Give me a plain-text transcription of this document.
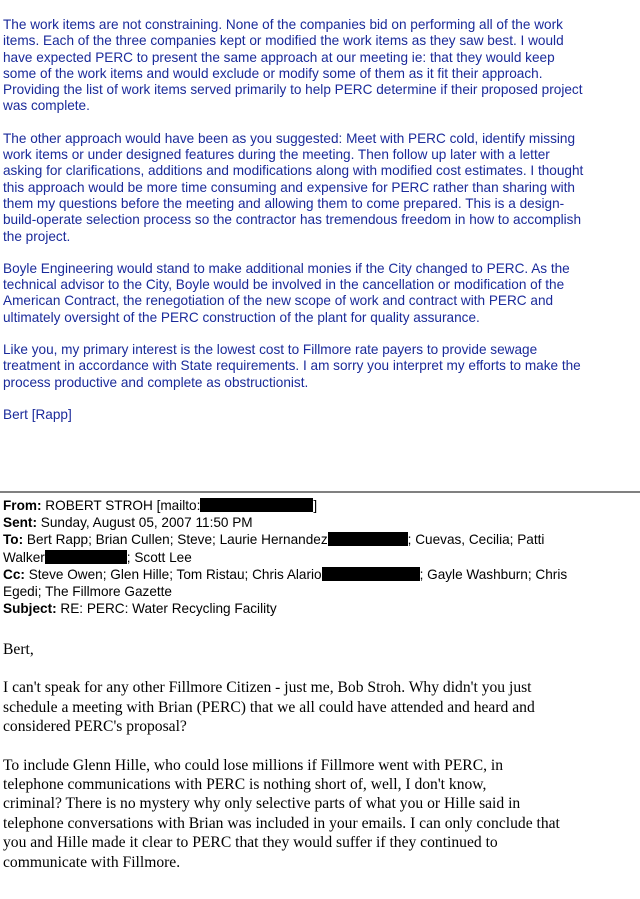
The work items are not constraining. None of the companies bid on performing all of the work
items. Each of the three companies kept or modified the work items as they saw best. I would
have expected PERC to present the same approach at our meeting ie: that they would keep
some of the work items and would exclude or modify some of them as it fit their approach.
Providing the list of work items served primarily to help PERC determine if their proposed project
was complete.

The other approach would have been as you suggested: Meet with PERC cold, identify missing
work items or under designed features during the meeting. Then follow up later with a letter
asking for clarifications, additions and modifications along with modified cost estimates. I thought
this approach would be more time consuming and expensive for PERC rather than sharing with
them my questions before the meeting and allowing them to come prepared. This is a design-
build-operate selection process so the contractor has tremendous freedom in how to accomplish
the project.

Boyle Engineering would stand to make additional monies if the City changed to PERC. As the
technical advisor to the City, Boyle would be involved in the cancellation or modification of the
American Contract, the renegotiation of the new scope of work and contract with PERC and
ultimately oversight of the PERC construction of the plant for quality assurance.

Like you, my primary interest is the lowest cost to Fillmore rate payers to provide sewage
treatment in accordance with State requirements. I am sorry you interpret my efforts to make the
process productive and complete as obstructionist.

Bert [Rapp]

From: ROBERT STROH [mailto:	]
Sent: Sunday, August 05, 2007 11:50 PM
To: Bert Rapp; Brian Cullen; Steve; Laurie Hernandez	; Cuevas, Cecilia; Patti
Walker	; Scott Lee
Cc: Steve Owen; Glen Hille; Tom Ristau; Chris Alario	; Gayle Washburn; Chris
Egedi; The Fillmore Gazette
Subject: RE: PERC: Water Recycling Facility

Bert,

I can't speak for any other Fillmore Citizen - just me, Bob Stroh. Why didn't you just
schedule a meeting with Brian (PERC) that we all could have attended and heard and
considered PERC's proposal?

To include Glenn Hille, who could lose millions if Fillmore went with PERC, in
telephone communications with PERC is nothing short of, well, I don't know,
criminal? There is no mystery why only selective parts of what you or Hille said in
telephone conversations with Brian was included in your emails. I can only conclude that
you and Hille made it clear to PERC that they would suffer if they continued to
communicate with Fillmore.
